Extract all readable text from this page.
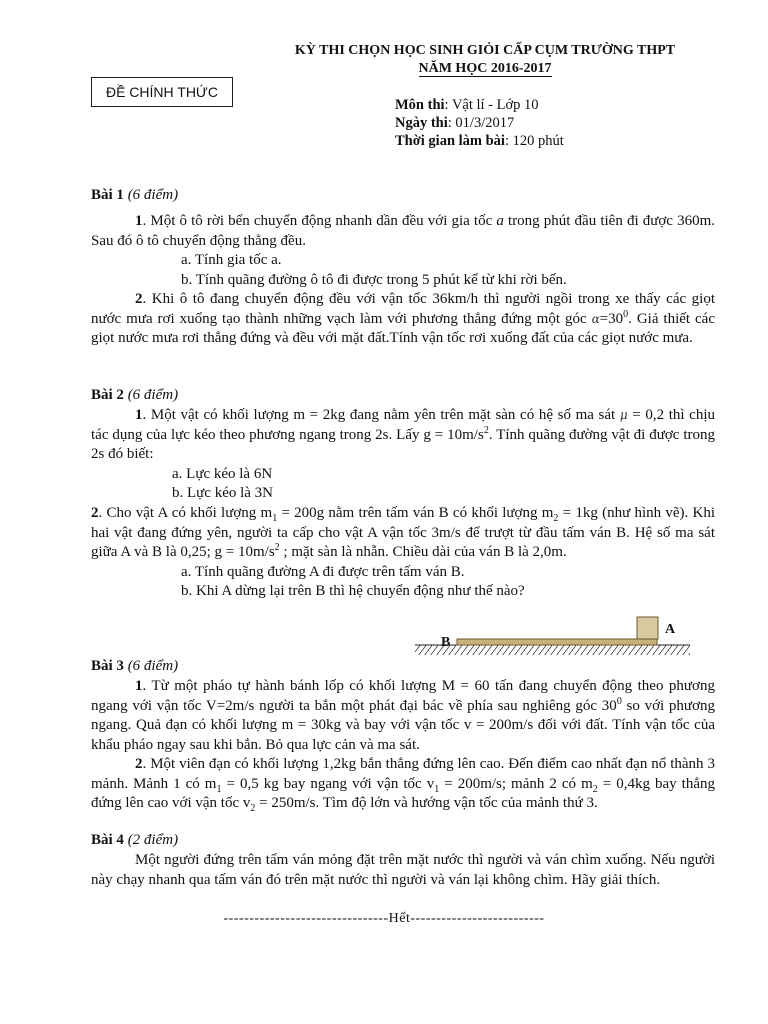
KỲ THI CHỌN HỌC SINH GIỎI CẤP CỤM TRƯỜNG THPT
NĂM HỌC 2016-2017
ĐỀ CHÍNH THỨC
Môn thi: Vật lí - Lớp 10
Ngày thi: 01/3/2017
Thời gian làm bài: 120 phút
Bài 1 (6 điểm)
1. Một ô tô rời bến chuyển động nhanh dần đều với gia tốc a trong phút đầu tiên đi được 360m. Sau đó ô tô chuyển động thẳng đều.
a. Tính gia tốc a.
b. Tính quãng đường ô tô đi được trong 5 phút kể từ khi rời bến.
2. Khi ô tô đang chuyển động đều với vận tốc 36km/h thì người ngồi trong xe thấy các giọt nước mưa rơi xuống tạo thành những vạch làm với phương thẳng đứng một góc $\alpha=30^0$. Giả thiết các giọt nước mưa rơi thẳng đứng và đều với mặt đất.Tính vận tốc rơi xuống đất của các giọt nước mưa.
Bài 2 (6 điểm)
1. Một vật có khối lượng m = 2kg đang nằm yên trên mặt sàn có hệ số ma sát μ = 0,2 thì chịu tác dụng của lực kéo theo phương ngang trong 2s. Lấy $g = 10m/s^2$. Tính quãng đường vật đi được trong 2s đó biết:
a. Lực kéo là 6N
b. Lực kéo là 3N
2. Cho vật A có khối lượng $m_1 = 200g$ nằm trên tấm ván B có khối lượng $m_2 = 1kg$ (như hình vẽ). Khi hai vật đang đứng yên, người ta cấp cho vật A vận tốc 3m/s để trượt từ đầu tấm ván B. Hệ số ma sát giữa A và B là 0,25; $g = 10m/s^2$ ; mặt sàn là nhẵn. Chiều dài của ván B là 2,0m.
a. Tính quãng đường A đi được trên tấm ván B.
b. Khi A dừng lại trên B thì hệ chuyển động như thế nào?
B
A
Bài 3 (6 điểm)
1. Từ một pháo tự hành bánh lốp có khối lượng M = 60 tấn đang chuyển động theo phương ngang với vận tốc V=2m/s người ta bắn một phát đại bác về phía sau nghiêng góc $30^0$ so với phương ngang. Quả đạn có khối lượng m = 30kg và bay với vận tốc v = 200m/s đối với đất. Tính vận tốc của khẩu pháo ngay sau khi bắn. Bỏ qua lực cản và ma sát.
2. Một viên đạn có khối lượng 1,2kg bắn thẳng đứng lên cao. Đến điểm cao nhất đạn nổ thành 3 mảnh. Mảnh 1 có $m_1 = 0,5$ kg bay ngang với vận tốc $v_1 = 200m/s$; mảnh 2 có $m_2 = 0,4kg$ bay thẳng đứng lên cao với vận tốc $v_2 = 250m/s$. Tìm độ lớn và hướng vận tốc của mảnh thứ 3.
Bài 4 (2 điểm)
Một người đứng trên tấm ván mỏng đặt trên mặt nước thì người và ván chìm xuống. Nếu người này chạy nhanh qua tấm ván đó trên mặt nước thì người và ván lại không chìm. Hãy giải thích.
--------------------------------Hết--------------------------
